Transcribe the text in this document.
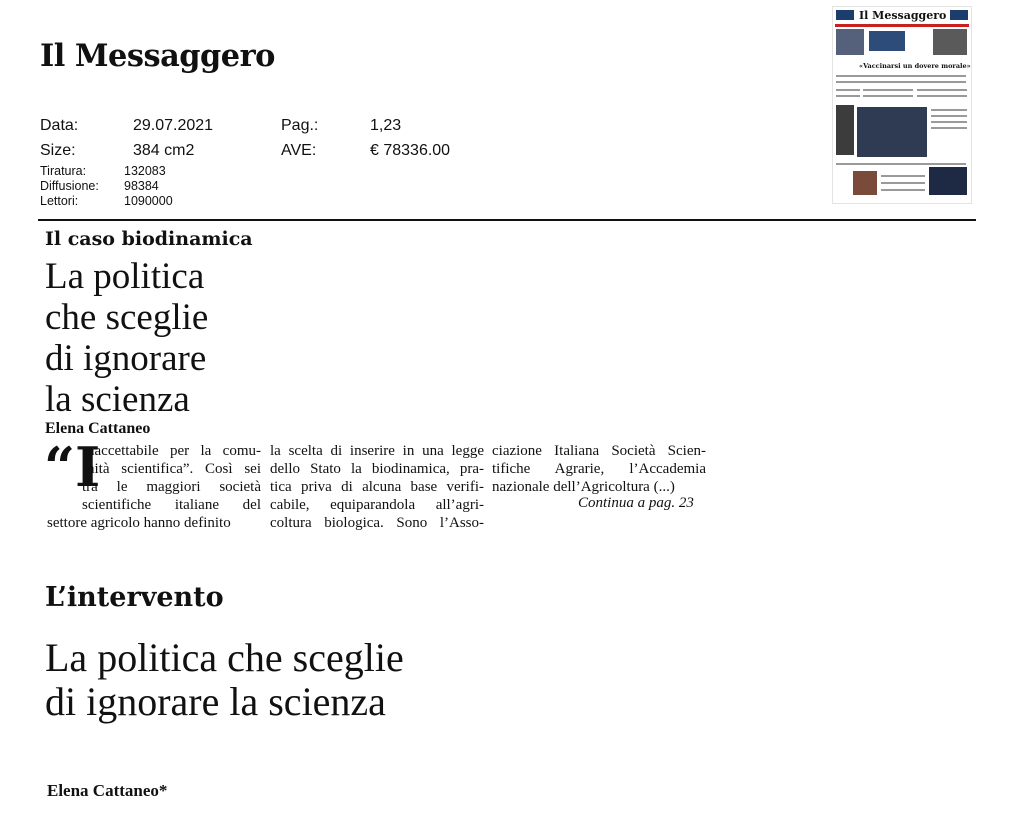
Il Messaggero
Data:	29.07.2021	Pag.:	1,23
Size:	384 cm2	AVE:	€ 78336.00
Tiratura:	132083
Diffusione: 98384
Lettori:	1090000
Il Messaggero
«Vaccinarsi un dovere morale»
Il caso biodinamica
La politica
che sceglie
di ignorare
la scienza
Elena Cattaneo
“I
naccettabile per la comu-
nità scientifica”. Così sei
tra le maggiori società
scientifiche italiane del
settore agricolo hanno definito
la scelta di inserire in una legge
dello Stato la biodinamica, pra-
tica priva di alcuna base verifi-
cabile, equiparandola all’agri-
coltura biologica. Sono l’Asso-
ciazione Italiana Società Scien-
tifiche Agrarie, l’Accademia
nazionale dell’Agricoltura (...)
Continua a pag. 23
L’intervento
La politica che sceglie
di ignorare la scienza
Elena Cattaneo*
